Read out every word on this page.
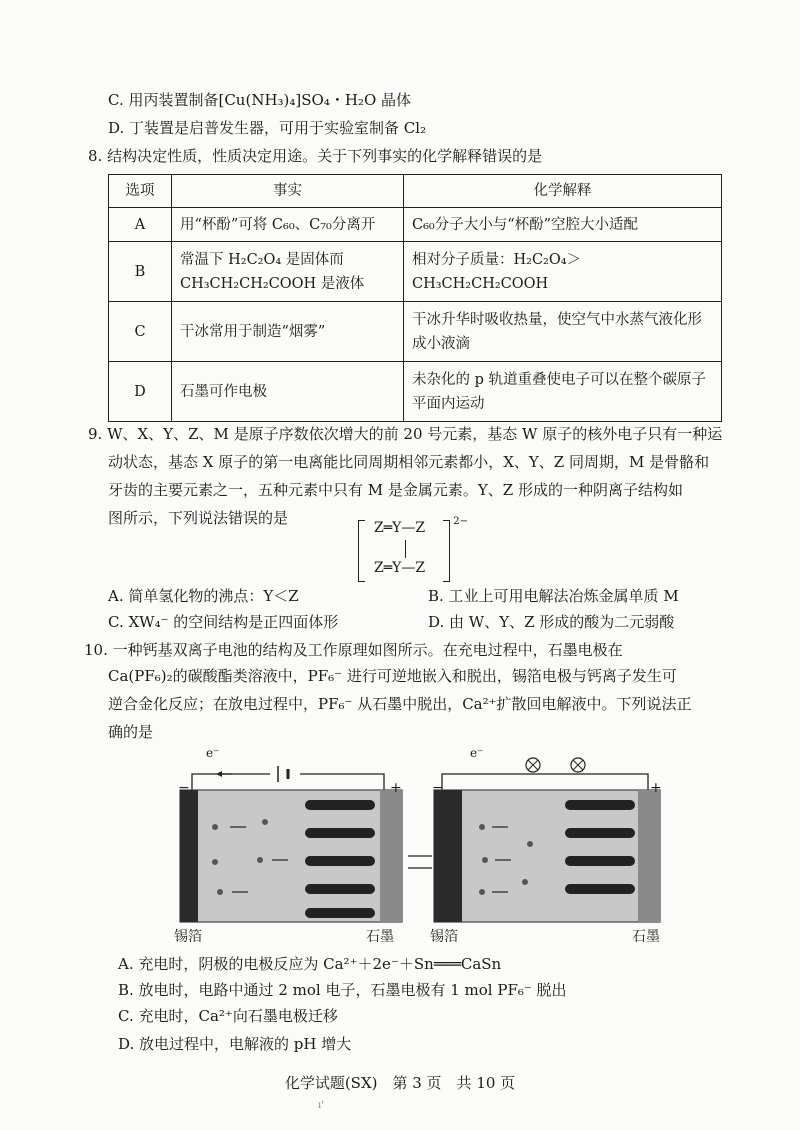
C. 用丙装置制备[Cu(NH₃)₄]SO₄・H₂O 晶体
D. 丁装置是启普发生器，可用于实验室制备 Cl₂
8. 结构决定性质，性质决定用途。关于下列事实的化学解释错误的是
选项	事实	化学解释
A	用“杯酚”可将 C₆₀、C₇₀分离开	C₆₀分子大小与“杯酚”空腔大小适配
B	常温下 H₂C₂O₄ 是固体而 CH₃CH₂CH₂COOH 是液体	相对分子质量：H₂C₂O₄＞CH₃CH₂CH₂COOH
C	干冰常用于制造“烟雾”	干冰升华时吸收热量，使空气中水蒸气液化形成小液滴
D	石墨可作电极	未杂化的 p 轨道重叠使电子可以在整个碳原子平面内运动
9. W、X、Y、Z、M 是原子序数依次增大的前 20 号元素，基态 W 原子的核外电子只有一种运
动状态，基态 X 原子的第一电离能比同周期相邻元素都小，X、Y、Z 同周期，M 是骨骼和
牙齿的主要元素之一，五种元素中只有 M 是金属元素。Y、Z 形成的一种阴离子结构如
图所示，下列说法错误的是
Z═Y—Z
Z═Y—Z
2−
A. 简单氢化物的沸点：Y＜Z	B. 工业上可用电解法冶炼金属单质 M
C. XW₄⁻ 的空间结构是正四面体形	D. 由 W、Y、Z 形成的酸为二元弱酸
10. 一种钙基双离子电池的结构及工作原理如图所示。在充电过程中，石墨电极在
Ca(PF₆)₂的碳酸酯类溶液中，PF₆⁻ 进行可逆地嵌入和脱出，锡箔电极与钙离子发生可
逆合金化反应；在放电过程中，PF₆⁻ 从石墨中脱出，Ca²⁺扩散回电解液中。下列说法正
确的是
e⁻	e⁻
−	+ −	+
锡箔	石墨	锡箔	石墨
A. 充电时，阴极的电极反应为 Ca²⁺＋2e⁻＋Sn═══CaSn
B. 放电时，电路中通过 2 mol 电子，石墨电极有 1 mol PF₆⁻ 脱出
C. 充电时，Ca²⁺向石墨电极迁移
D. 放电过程中，电解液的 pH 增大
化学试题(SX)　第 3 页　共 10 页
ı'
